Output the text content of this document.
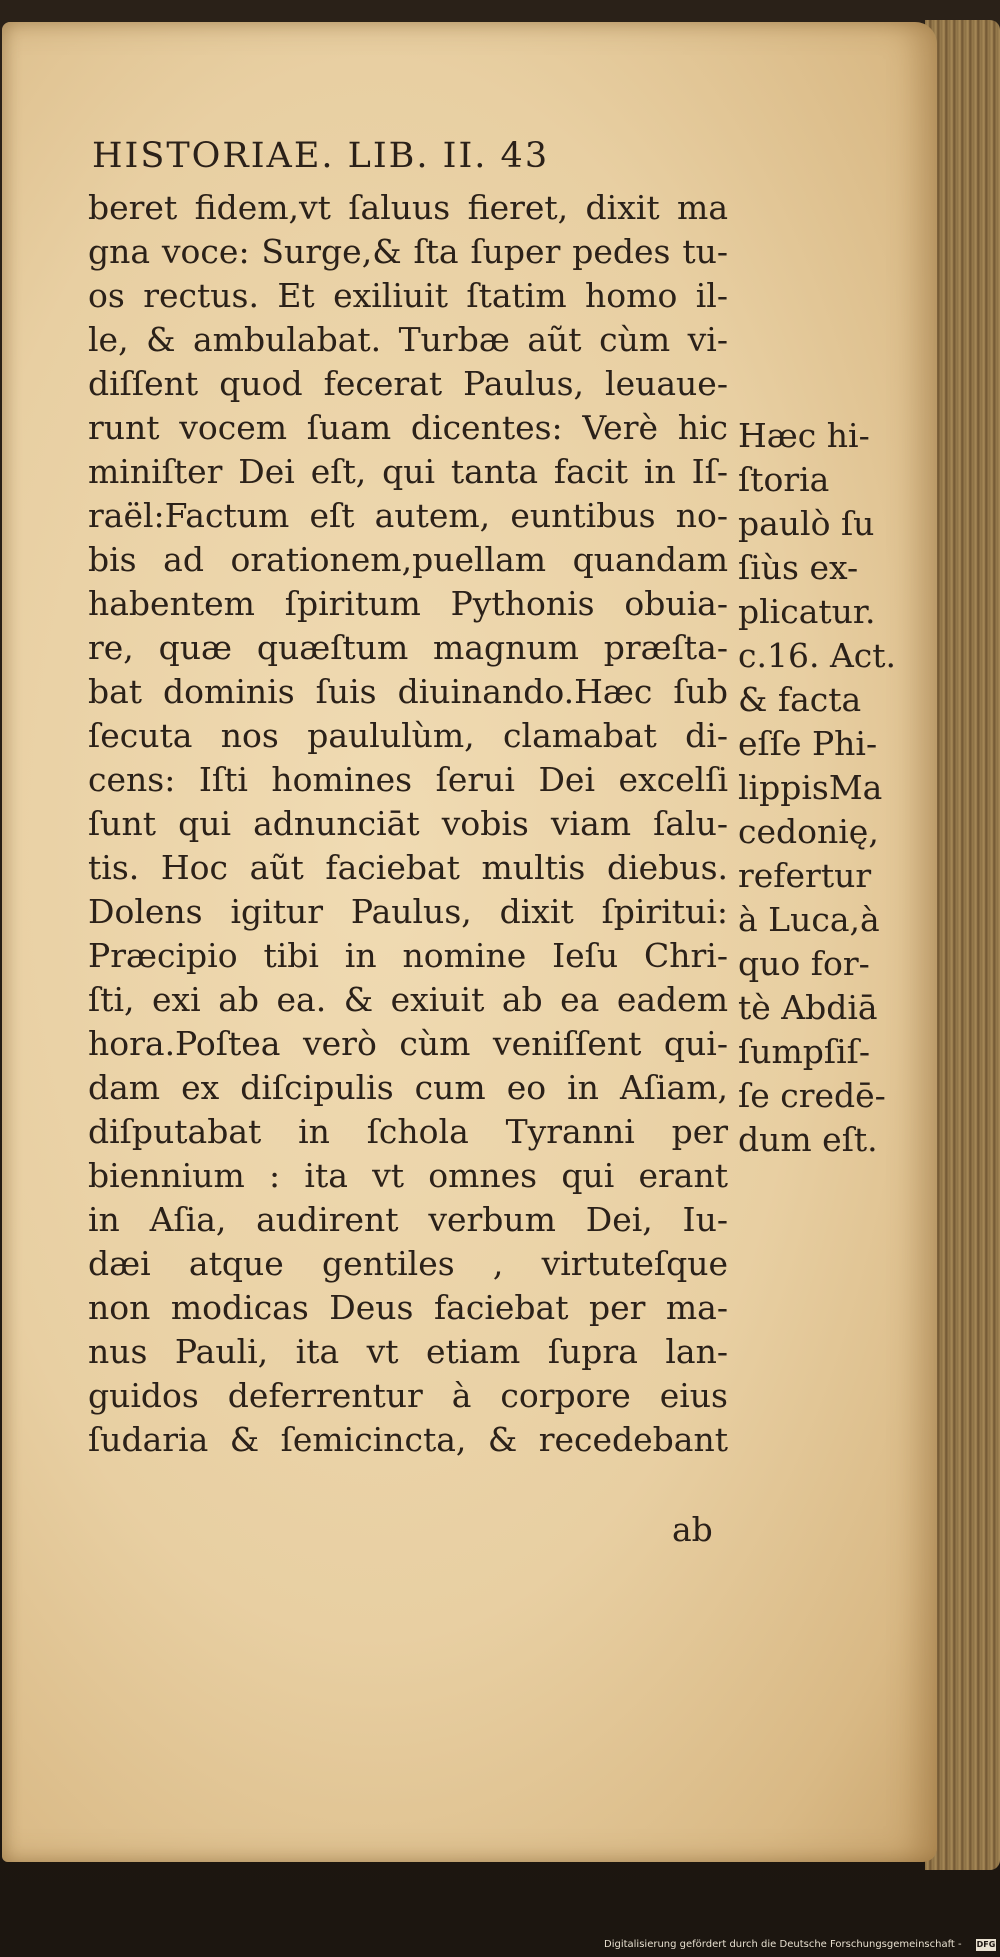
HISTORIAE. LIB. II. 43
beret fidem,vt ſaluus fieret, dixit ma
gna voce: Surge,& ſta ſuper pedes tu-
os rectus. Et exiliuit ſtatim homo il-
le, & ambulabat. Turbæ aũt cùm vi-
diſſent quod fecerat Paulus, leuaue-
runt vocem ſuam dicentes: Verè hic
miniſter Dei eſt, qui tanta facit in Iſ-
raël:Factum eſt autem, euntibus no-
bis ad orationem,puellam quandam
habentem ſpiritum Pythonis obuia-
re, quæ quæſtum magnum præſta-
bat dominis ſuis diuinando.Hæc ſub
ſecuta nos paululùm, clamabat di-
cens: Iſti homines ſerui Dei excelſi
ſunt qui adnunciāt vobis viam ſalu-
tis. Hoc aũt faciebat multis diebus.
Dolens igitur Paulus, dixit ſpiritui:
Præcipio tibi in nomine Ieſu Chri-
ſti, exi ab ea. & exiuit ab ea eadem
hora.Poſtea verò cùm veniſſent qui-
dam ex diſcipulis cum eo in Aſiam,
diſputabat in ſchola Tyranni per
biennium : ita vt omnes qui erant
in Aſia, audirent verbum Dei, Iu-
dæi atque gentiles , virtuteſque
non modicas Deus faciebat per ma-
nus Pauli, ita vt etiam ſupra lan-
guidos deferrentur à corpore eius
ſudaria & ſemicincta, & recedebant
ab
Hæc hi-
ſtoria
paulò ſu
ſiùs ex-
plicatur.
c.16. Act.
& facta
eſſe Phi-
lippisMa
cedonię,
refertur
à Luca,à
quo for-
tè Abdiā
ſumpſiſ-
ſe credē-
dum eſt.
Digitalisierung gefördert durch die Deutsche Forschungsgemeinschaft - DFG
